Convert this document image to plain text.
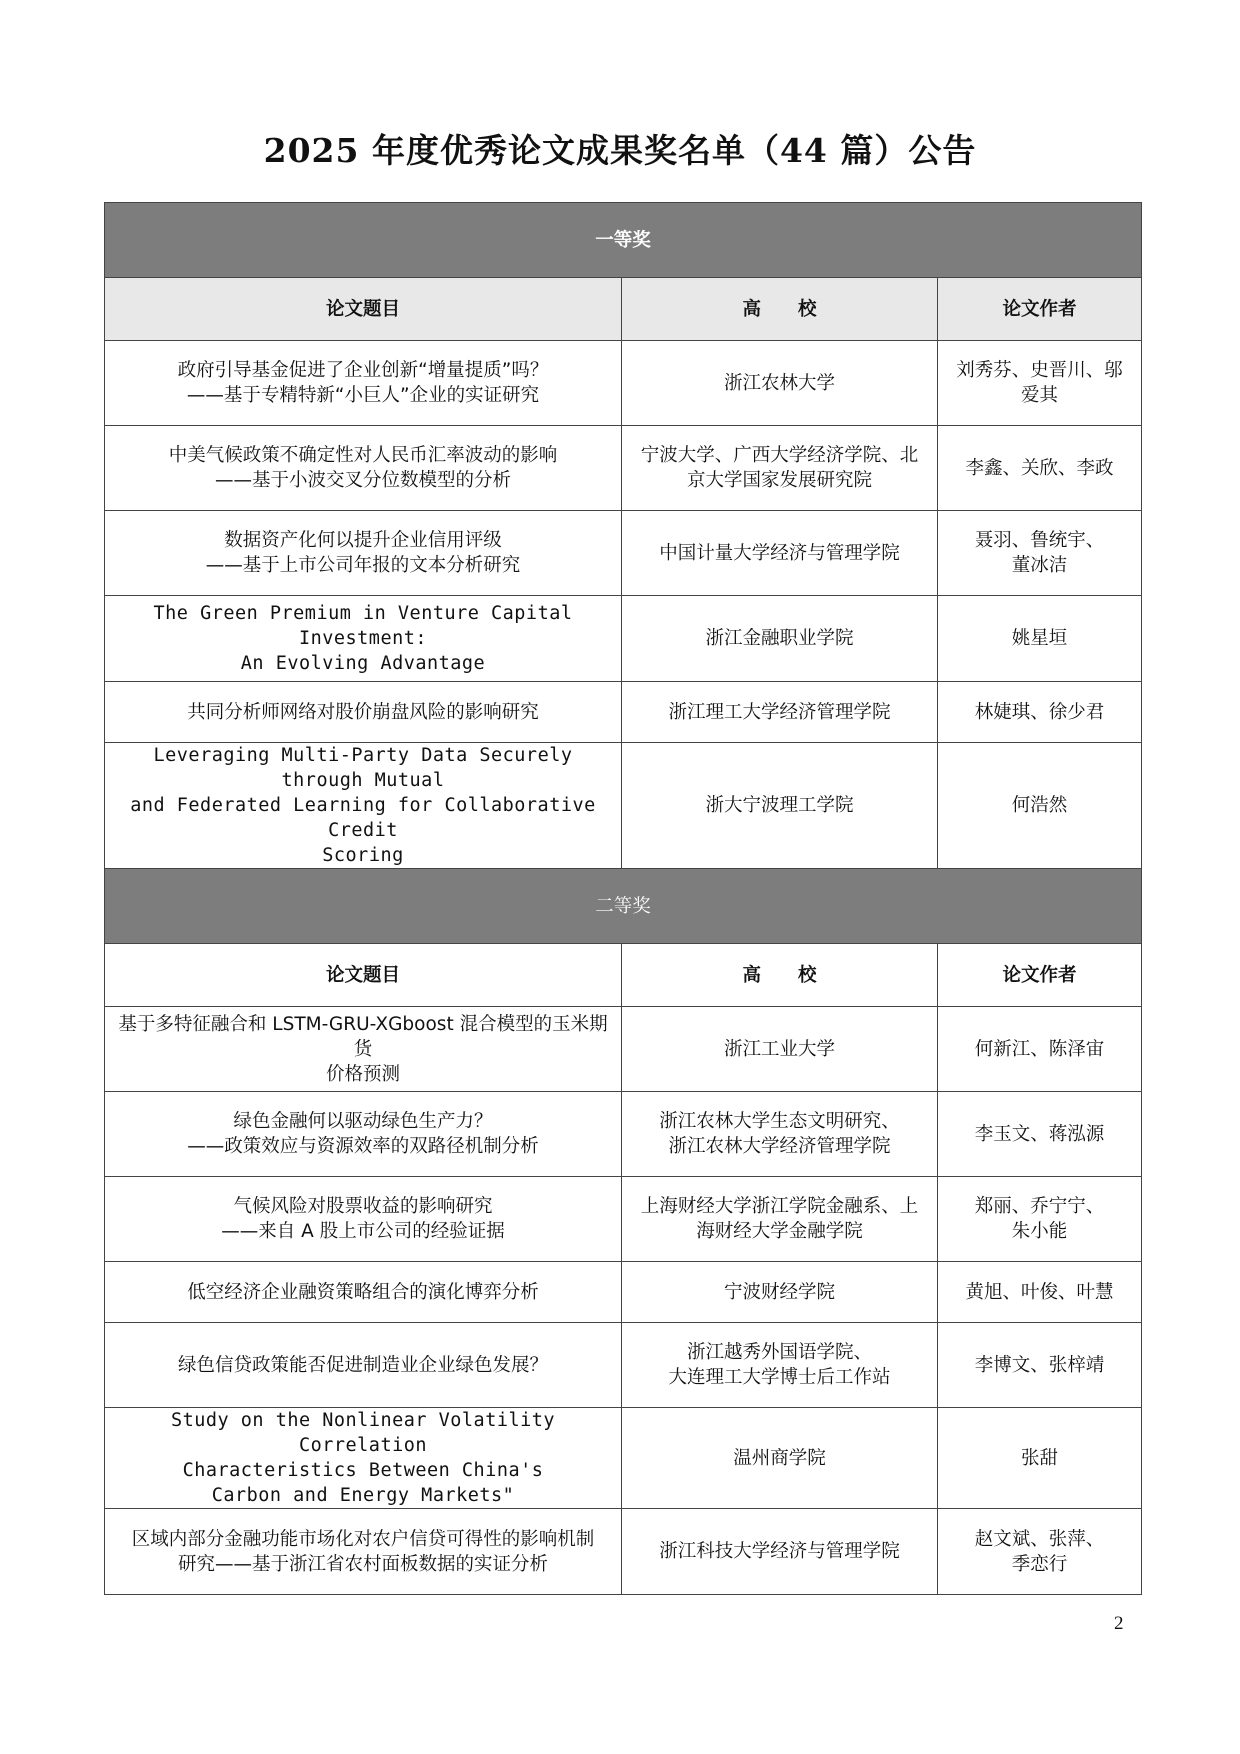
2025 年度优秀论文成果奖名单（44 篇）公告
一等奖		
论文题目	高　　校	论文作者

政府引导基金促进了企业创新“增量提质”吗？
——基于专精特新“小巨人”企业的实证研究	浙江农林大学	刘秀芬、史晋川、邬
爱其

中美气候政策不确定性对人民币汇率波动的影响
——基于小波交叉分位数模型的分析	宁波大学、广西大学经济学院、北
京大学国家发展研究院	李鑫、关欣、李政

数据资产化何以提升企业信用评级
——基于上市公司年报的文本分析研究	中国计量大学经济与管理学院	聂羽、鲁统宇、
董冰洁

The Green Premium in Venture Capital Investment:
An Evolving Advantage	浙江金融职业学院	姚星垣

共同分析师网络对股价崩盘风险的影响研究	浙江理工大学经济管理学院	林婕琪、徐少君

Leveraging Multi-Party Data Securely through Mutual
and Federated Learning for Collaborative Credit
Scoring	浙大宁波理工学院	何浩然

二等奖		
论文题目	高　　校	论文作者

基于多特征融合和 LSTM-GRU-XGboost 混合模型的玉米期货
价格预测	浙江工业大学	何新江、陈泽宙

绿色金融何以驱动绿色生产力？
——政策效应与资源效率的双路径机制分析	浙江农林大学生态文明研究、
浙江农林大学经济管理学院	李玉文、蒋泓源

气候风险对股票收益的影响研究
——来自 A 股上市公司的经验证据	上海财经大学浙江学院金融系、上
海财经大学金融学院	郑丽、乔宁宁、
朱小能

低空经济企业融资策略组合的演化博弈分析	宁波财经学院	黄旭、叶俊、叶慧

绿色信贷政策能否促进制造业企业绿色发展？	浙江越秀外国语学院、
大连理工大学博士后工作站	李博文、张梓靖

Study on the Nonlinear Volatility Correlation
Characteristics Between China's
Carbon and Energy Markets"	温州商学院	张甜

区域内部分金融功能市场化对农户信贷可得性的影响机制
研究——基于浙江省农村面板数据的实证分析	浙江科技大学经济与管理学院	赵文斌、张萍、
季恋行
2
